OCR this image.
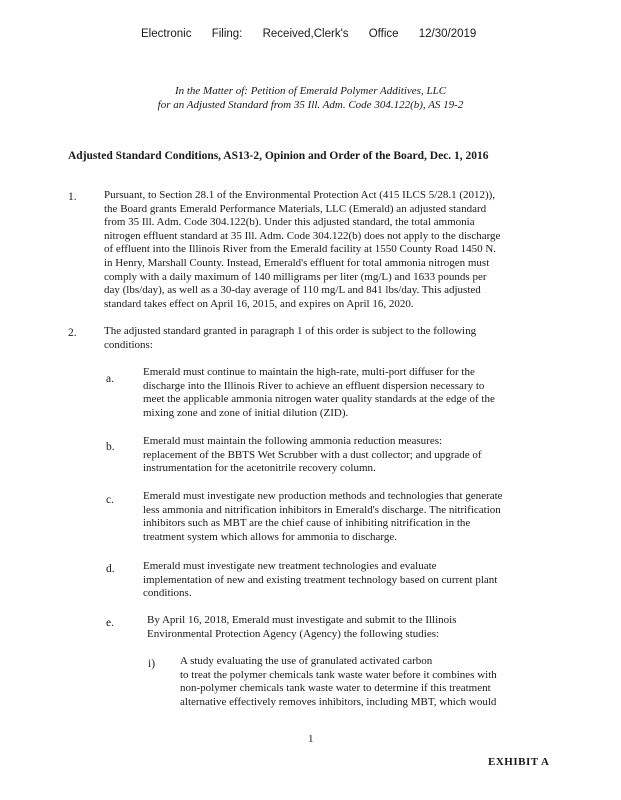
Electronic Filing: Received,Clerk's Office 12/30/2019
In the Matter of: Petition of Emerald Polymer Additives, LLC
for an Adjusted Standard from 35 Ill. Adm. Code 304.122(b), AS 19-2
Adjusted Standard Conditions, AS13-2, Opinion and Order of the Board, Dec. 1, 2016
1. Pursuant, to Section 28.1 of the Environmental Protection Act (415 ILCS 5/28.1 (2012)),
the Board grants Emerald Performance Materials, LLC (Emerald) an adjusted standard
from 35 Ill. Adm. Code 304.122(b). Under this adjusted standard, the total ammonia
nitrogen effluent standard at 35 Ill. Adm. Code 304.122(b) does not apply to the discharge
of effluent into the Illinois River from the Emerald facility at 1550 County Road 1450 N.
in Henry, Marshall County. Instead, Emerald's effluent for total ammonia nitrogen must
comply with a daily maximum of 140 milligrams per liter (mg/L) and 1633 pounds per
day (lbs/day), as well as a 30-day average of 110 mg/L and 841 lbs/day. This adjusted
standard takes effect on April 16, 2015, and expires on April 16, 2020.
2. The adjusted standard granted in paragraph 1 of this order is subject to the following
conditions:
a.
Emerald must continue to maintain the high-rate, multi-port diffuser for the
discharge into the Illinois River to achieve an effluent dispersion necessary to
meet the applicable ammonia nitrogen water quality standards at the edge of the
mixing zone and zone of initial dilution (ZID).
b.	Emerald must maintain the following ammonia reduction measures:
replacement of the BBTS Wet Scrubber with a dust collector; and upgrade of
instrumentation for the acetonitrile recovery column.
c.	Emerald must investigate new production methods and technologies that generate
less ammonia and nitrification inhibitors in Emerald's discharge. The nitrification
inhibitors such as MBT are the chief cause of inhibiting nitrification in the
treatment system which allows for ammonia to discharge.
d.	Emerald must investigate new treatment technologies and evaluate
implementation of new and existing treatment technology based on current plant
conditions.
e.	By April 16, 2018, Emerald must investigate and submit to the Illinois
Environmental Protection Agency (Agency) the following studies:
i) A study evaluating the use of granulated activated carbon
to treat the polymer chemicals tank waste water before it combines with
non-polymer chemicals tank waste water to determine if this treatment
alternative effectively removes inhibitors, including MBT, which would
1
EXHIBIT A
